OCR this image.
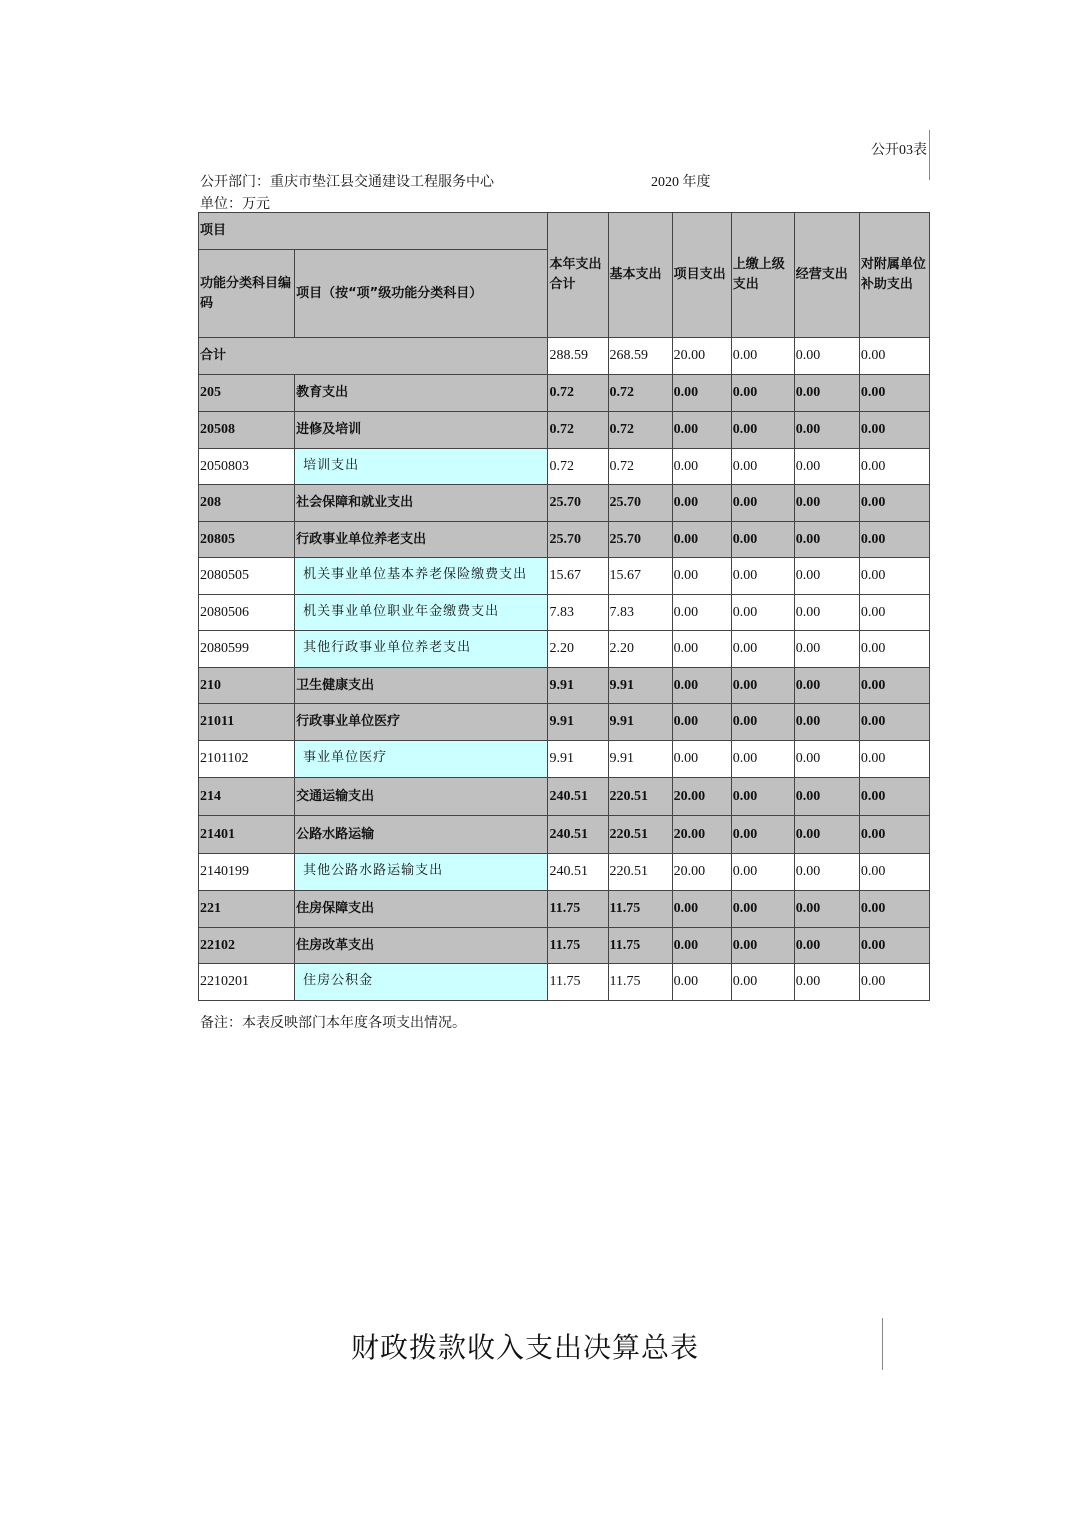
公开03表
公开部门：重庆市垫江县交通建设工程服务中心	2020 年度
单位：万元
项目		本年支出合计	基本支出	项目支出	上缴上级支出	经营支出	对附属单位补助支出
功能分类科目编码	项目（按“项”级功能分类科目）						
合计		288.59	268.59	20.00	0.00	0.00	0.00
205	教育支出	0.72	0.72	0.00	0.00	0.00	0.00
20508	进修及培训	0.72	0.72	0.00	0.00	0.00	0.00
2050803	培训支出	0.72	0.72	0.00	0.00	0.00	0.00
208	社会保障和就业支出	25.70	25.70	0.00	0.00	0.00	0.00
20805	行政事业单位养老支出	25.70	25.70	0.00	0.00	0.00	0.00
2080505	机关事业单位基本养老保险缴费支出	15.67	15.67	0.00	0.00	0.00	0.00
2080506	机关事业单位职业年金缴费支出	7.83	7.83	0.00	0.00	0.00	0.00
2080599	其他行政事业单位养老支出	2.20	2.20	0.00	0.00	0.00	0.00
210	卫生健康支出	9.91	9.91	0.00	0.00	0.00	0.00
21011	行政事业单位医疗	9.91	9.91	0.00	0.00	0.00	0.00
2101102	事业单位医疗	9.91	9.91	0.00	0.00	0.00	0.00
214	交通运输支出	240.51	220.51	20.00	0.00	0.00	0.00
21401	公路水路运输	240.51	220.51	20.00	0.00	0.00	0.00
2140199	其他公路水路运输支出	240.51	220.51	20.00	0.00	0.00	0.00
221	住房保障支出	11.75	11.75	0.00	0.00	0.00	0.00
22102	住房改革支出	11.75	11.75	0.00	0.00	0.00	0.00
2210201	住房公积金	11.75	11.75	0.00	0.00	0.00	0.00
备注：本表反映部门本年度各项支出情况。
财政拨款收入支出决算总表
